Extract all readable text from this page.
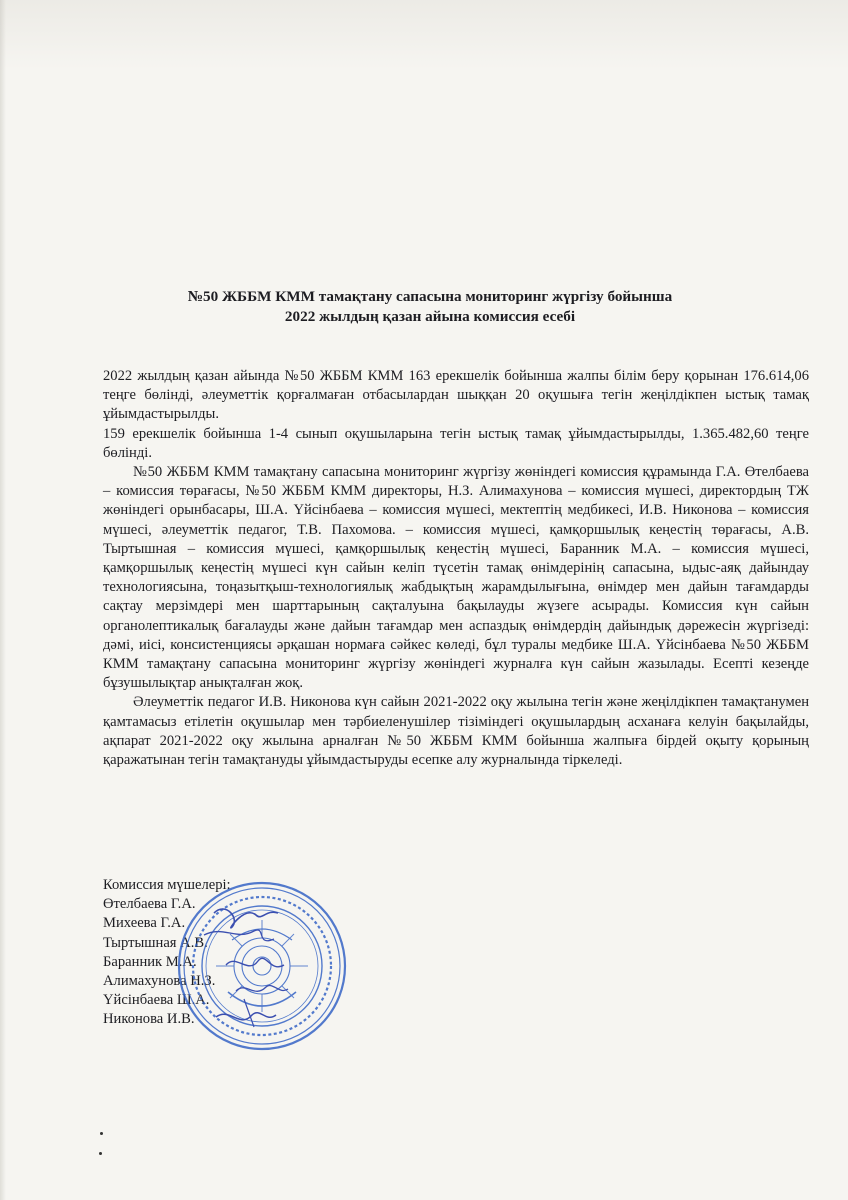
№50 ЖББМ КММ тамақтану сапасына мониторинг жүргізу бойынша
2022 жылдың қазан айына комиссия есебі

2022 жылдың қазан айында №50 ЖББМ КММ 163 ерекшелік бойынша жалпы білім беру қорынан 176.614,06 теңге бөлінді, әлеуметтік қорғалмаған отбасылардан шыққан 20 оқушыға тегін жеңілдікпен ыстық тамақ ұйымдастырылды.

159 ерекшелік бойынша 1-4 сынып оқушыларына тегін ыстық тамақ ұйымдастырылды, 1.365.482,60 теңге бөлінді.

№50 ЖББМ КММ тамақтану сапасына мониторинг жүргізу жөніндегі комиссия құрамында Г.А. Өтелбаева – комиссия төрағасы, №50 ЖББМ КММ директоры, Н.З. Алимахунова – комиссия мүшесі, директордың ТЖ жөніндегі орынбасары, Ш.А. Үйсінбаева – комиссия мүшесі, мектептің медбикесі, И.В. Никонова – комиссия мүшесі, әлеуметтік педагог, Т.В. Пахомова. – комиссия мүшесі, қамқоршылық кеңестің төрағасы, А.В. Тыртышная – комиссия мүшесі, қамқоршылық кеңестің мүшесі, Баранник М.А. – комиссия мүшесі, қамқоршылық кеңестің мүшесі күн сайын келіп түсетін тамақ өнімдерінің сапасына, ыдыс-аяқ дайындау технологиясына, тоңазытқыш-технологиялық жабдықтың жарамдылығына, өнімдер мен дайын тағамдарды сақтау мерзімдері мен шарттарының сақталуына бақылауды жүзеге асырады. Комиссия күн сайын органолептикалық бағалауды және дайын тағамдар мен аспаздық өнімдердің дайындық дәрежесін жүргізеді: дәмі, иісі, консистенциясы әрқашан нормаға сәйкес көледі, бұл туралы медбике Ш.А. Үйсінбаева №50 ЖББМ КММ тамақтану сапасына мониторинг жүргізу жөніндегі журналға күн сайын жазылады. Есепті кезеңде бұзушылықтар анықталған жоқ.

Әлеуметтік педагог И.В. Никонова күн сайын 2021-2022 оқу жылына тегін және жеңілдікпен тамақтанумен қамтамасыз етілетін оқушылар мен тәрбиеленушілер тізіміндегі оқушылардың асханаға келуін бақылайды, ақпарат 2021-2022 оқу жылына арналған №50 ЖББМ КММ бойынша жалпыға бірдей оқыту қорының қаражатынан тегін тамақтануды ұйымдастыруды есепке алу журналында тіркеледі.

Комиссия мүшелері:
Өтелбаева Г.А.
Михеева Г.А.
Тыртышная А.В.
Баранник М.А.
Алимахунова Н.З.
Үйсінбаева Ш.А.
Никонова И.В.
